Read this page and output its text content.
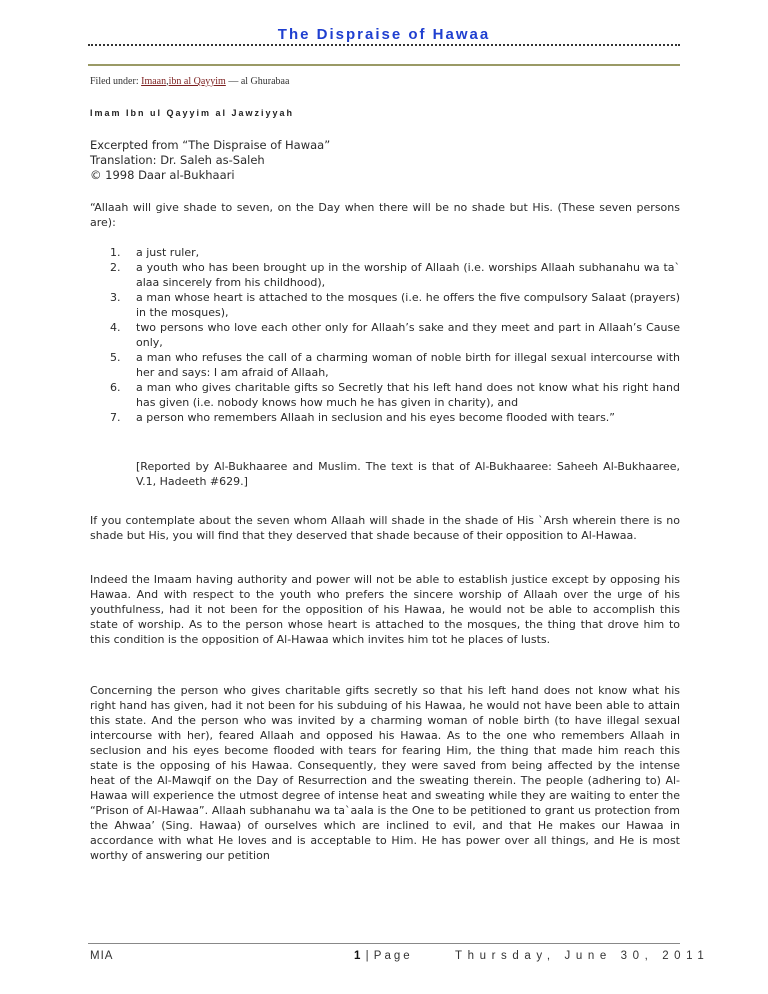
The Dispraise of Hawaa
Filed under: Imaan,ibn al Qayyim — al Ghurabaa
Imam Ibn ul Qayyim al Jawziyyah
Excerpted from “The Dispraise of Hawaa”
Translation: Dr. Saleh as-Saleh
© 1998 Daar al-Bukhaari

“Allaah will give shade to seven, on the Day when there will be no shade but His. (These seven persons are):

1. a just ruler,
2. a youth who has been brought up in the worship of Allaah (i.e. worships Allaah subhanahu wa ta` alaa sincerely from his childhood),
3. a man whose heart is attached to the mosques (i.e. he offers the five compulsory Salaat (prayers) in the mosques),
4. two persons who love each other only for Allaah’s sake and they meet and part in Allaah’s Cause only,
5. a man who refuses the call of a charming woman of noble birth for illegal sexual intercourse with her and says: I am afraid of Allaah,
6. a man who gives charitable gifts so Secretly that his left hand does not know what his right hand has given (i.e. nobody knows how much he has given in charity), and
7. a person who remembers Allaah in seclusion and his eyes become flooded with tears.”
[Reported by Al-Bukhaaree and Muslim. The text is that of Al-Bukhaaree: Saheeh Al-Bukhaaree, V.1, Hadeeth #629.]

If you contemplate about the seven whom Allaah will shade in the shade of His `Arsh wherein there is no shade but His, you will find that they deserved that shade because of their opposition to Al-Hawaa.

Indeed the Imaam having authority and power will not be able to establish justice except by opposing his Hawaa. And with respect to the youth who prefers the sincere worship of Allaah over the urge of his youthfulness, had it not been for the opposition of his Hawaa, he would not be able to accomplish this state of worship. As to the person whose heart is attached to the mosques, the thing that drove him to this condition is the opposition of Al-Hawaa which invites him tot he places of lusts.

Concerning the person who gives charitable gifts secretly so that his left hand does not know what his right hand has given, had it not been for his subduing of his Hawaa, he would not have been able to attain this state. And the person who was invited by a charming woman of noble birth (to have illegal sexual intercourse with her), feared Allaah and opposed his Hawaa. As to the one who remembers Allaah in seclusion and his eyes become flooded with tears for fearing Him, the thing that made him reach this state is the opposing of his Hawaa. Consequently, they were saved from being affected by the intense heat of the Al-Mawqif on the Day of Resurrection and the sweating therein. The people (adhering to) Al-Hawaa will experience the utmost degree of intense heat and sweating while they are waiting to enter the “Prison of Al-Hawaa”. Allaah subhanahu wa ta`aala is the One to be petitioned to grant us protection from the Ahwaa’ (Sing. Hawaa) of ourselves which are inclined to evil, and that He makes our Hawaa in accordance with what He loves and is acceptable to Him. He has power over all things, and He is most worthy of answering our petition

MIA	1 | Page	Thursday, June 30, 2011
